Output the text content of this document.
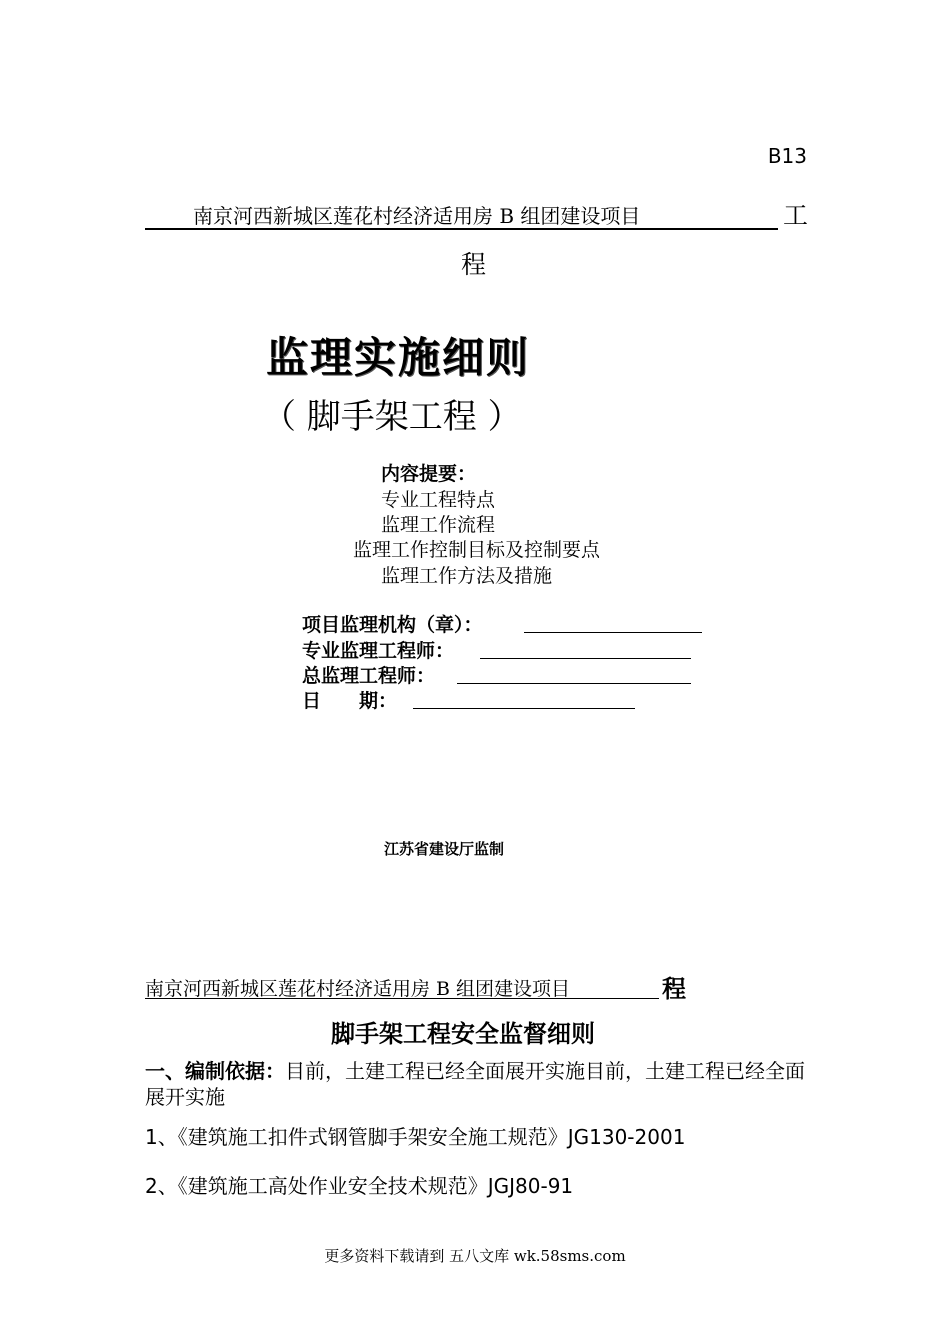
B13
南京河西新城区莲花村经济适用房 B 组团建设项目	工
程
监理实施细则
（ 脚手架工程 ）
内容提要：
专业工程特点
监理工作流程
监理工作控制目标及控制要点
监理工作方法及措施
项目监理机构（章）：
专业监理工程师：
总监理工程师：
日　　期：
江苏省建设厅监制
南京河西新城区莲花村经济适用房 B 组团建设项目	程
脚手架工程安全监督细则
一、编制依据：目前，土建工程已经全面展开实施目前，土建工程已经全面展开实施
1、《建筑施工扣件式钢管脚手架安全施工规范》JG130-2001
2、《建筑施工高处作业安全技术规范》JGJ80-91
更多资料下载请到 五八文库 wk.58sms.com
